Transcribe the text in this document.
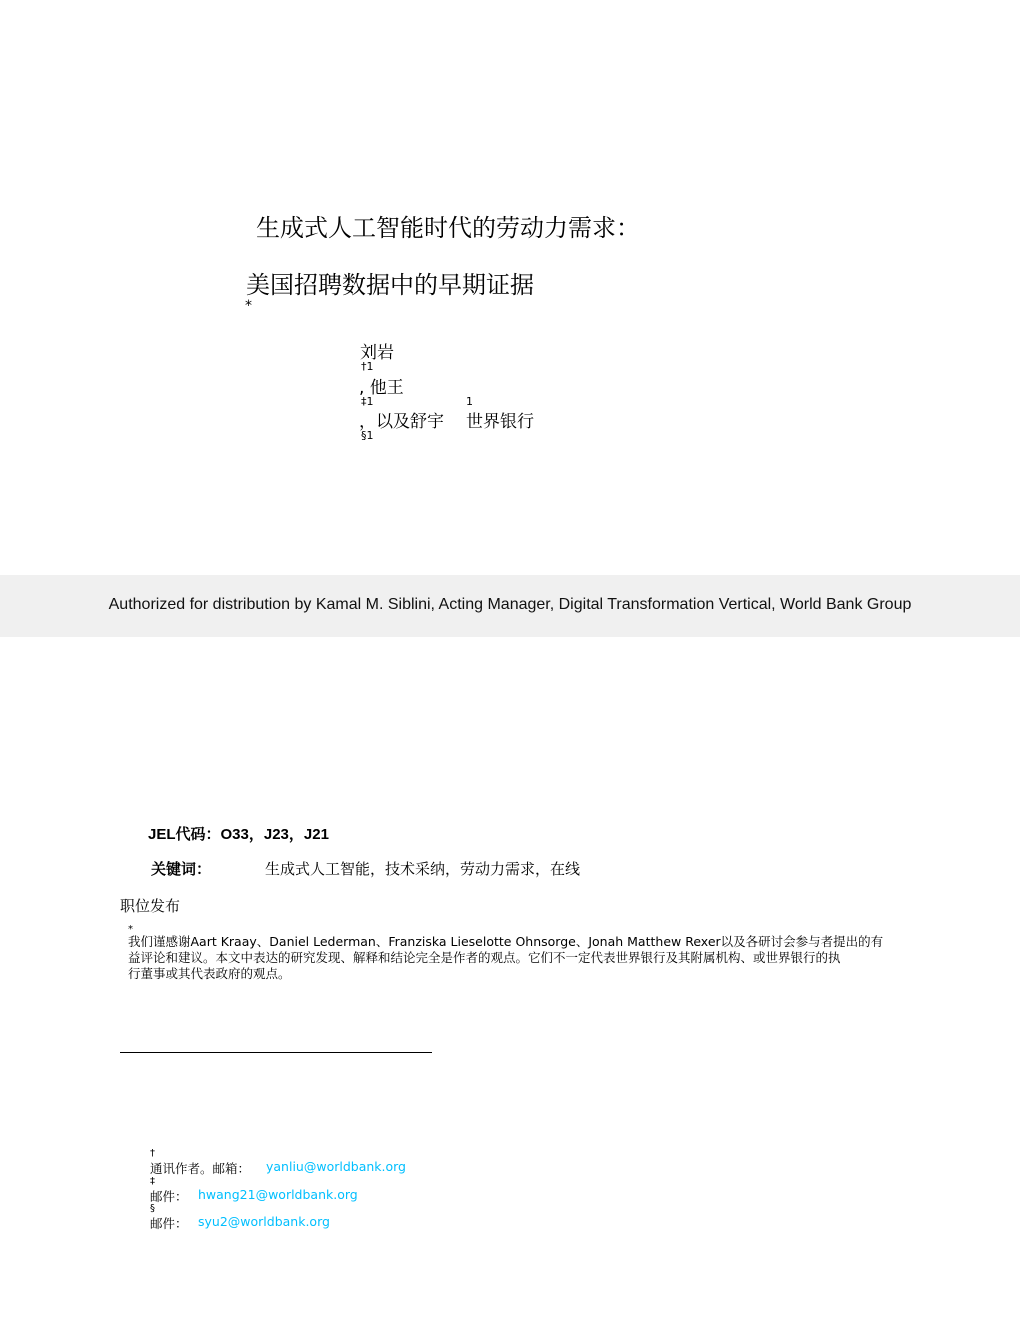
生成式人工智能时代的劳动力需求：
美国招聘数据中的早期证据
*
刘岩
†1
, 他王
‡1
，以及舒宇
1
世界银行
§1
Authorized for distribution by Kamal M. Siblini, Acting Manager, Digital Transformation Vertical, World Bank Group
JEL代码：O33，J23，J21
关键词：	生成式人工智能，技术采纳，劳动力需求，在线
职位发布
*
我们谨感谢Aart Kraay、Daniel Lederman、Franziska Lieselotte Ohnsorge、Jonah Matthew Rexer以及各研讨会参与者提出的有
益评论和建议。本文中表达的研究发现、解释和结论完全是作者的观点。它们不一定代表世界银行及其附属机构、或世界银行的执
行董事或其代表政府的观点。
†
通讯作者。邮箱： yanliu@worldbank.org
‡
邮件： hwang21@worldbank.org
§
邮件： syu2@worldbank.org
